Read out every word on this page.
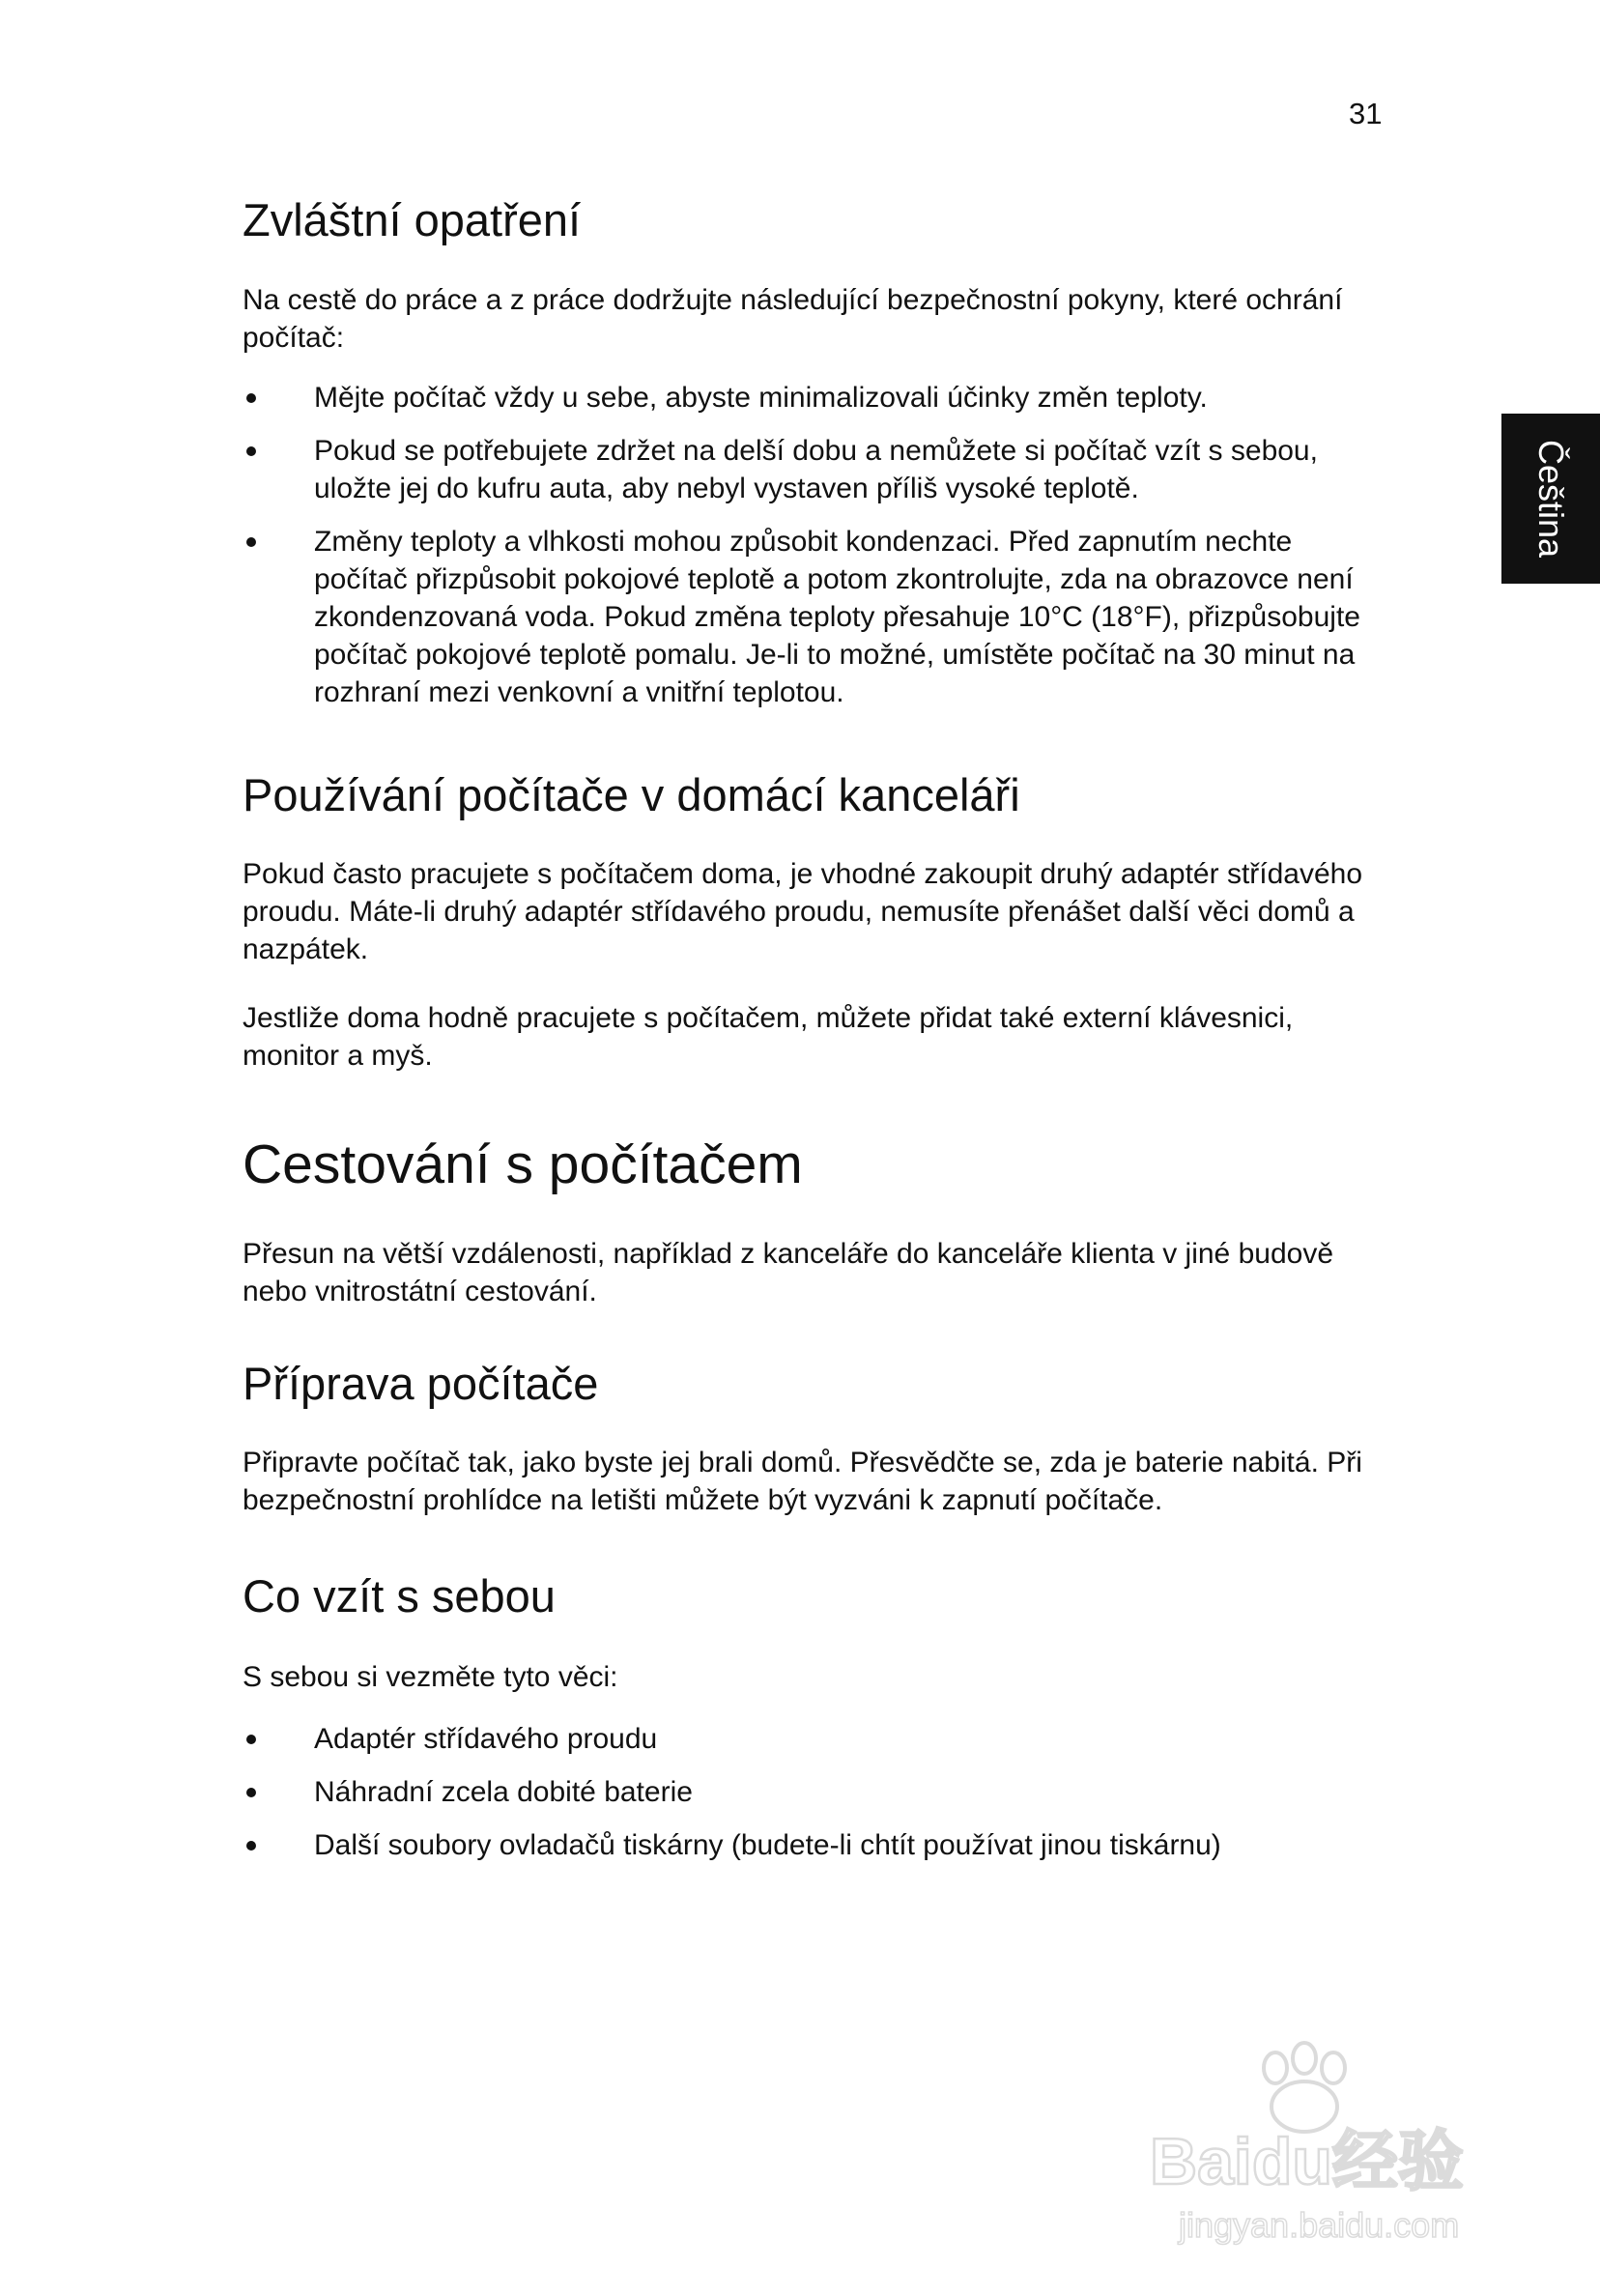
31
Čeština
Zvláštní opatření

Na cestě do práce a z práce dodržujte následující bezpečnostní pokyny, které ochrání počítač:

Mějte počítač vždy u sebe, abyste minimalizovali účinky změn teploty.
Pokud se potřebujete zdržet na delší dobu a nemůžete si počítač vzít s sebou, uložte jej do kufru auta, aby nebyl vystaven příliš vysoké teplotě.
Změny teploty a vlhkosti mohou způsobit kondenzaci. Před zapnutím nechte počítač přizpůsobit pokojové teplotě a potom zkontrolujte, zda na obrazovce není zkondenzovaná voda. Pokud změna teploty přesahuje 10°C (18°F), přizpůsobujte počítač pokojové teplotě pomalu. Je-li to možné, umístěte počítač na 30 minut na rozhraní mezi venkovní a vnitřní teplotou.
Používání počítače v domácí kanceláři

Pokud často pracujete s počítačem doma, je vhodné zakoupit druhý adaptér střídavého proudu. Máte-li druhý adaptér střídavého proudu, nemusíte přenášet další věci domů a nazpátek.

Jestliže doma hodně pracujete s počítačem, můžete přidat také externí klávesnici, monitor a myš.

Cestování s počítačem

Přesun na větší vzdálenosti, například z kanceláře do kanceláře klienta v jiné budově nebo vnitrostátní cestování.

Příprava počítače

Připravte počítač tak, jako byste jej brali domů. Přesvědčte se, zda je baterie nabitá. Při bezpečnostní prohlídce na letišti můžete být vyzváni k zapnutí počítače.

Co vzít s sebou

S sebou si vezměte tyto věci:

Adaptér střídavého proudu
Náhradní zcela dobité baterie
Další soubory ovladačů tiskárny (budete-li chtít používat jinou tiskárnu)
Baidu经验
jingyan.baidu.com
